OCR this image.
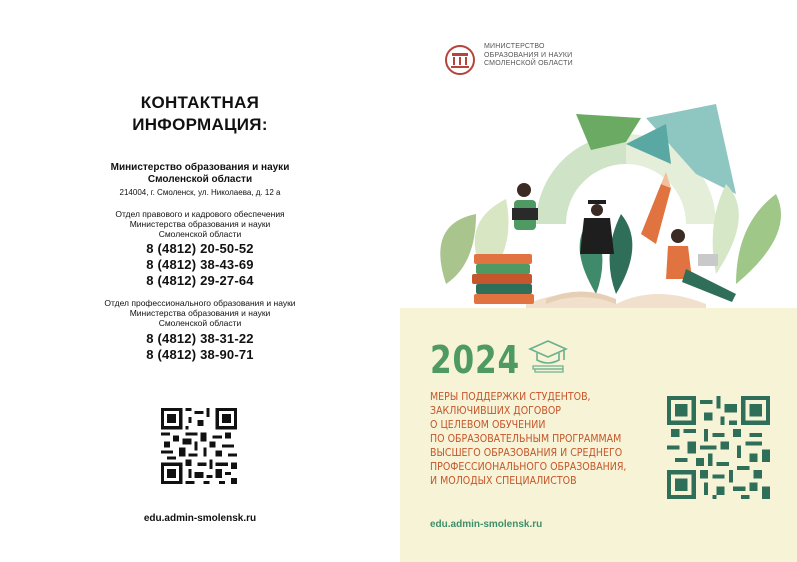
КОНТАКТНАЯ
ИНФОРМАЦИЯ:
Министерство образования и науки
Смоленской области
214004, г. Смоленск, ул. Николаева, д. 12 а
Отдел правового и кадрового обеспечения
Министерства образования и науки
Смоленской области
8 (4812) 20-50-52
8 (4812) 38-43-69
8 (4812) 29-27-64
Отдел профессионального образования и науки
Министерства образования и науки
Смоленской области
8 (4812) 38-31-22
8 (4812) 38-90-71
edu.admin-smolensk.ru
МИНИСТЕРСТВО
ОБРАЗОВАНИЯ И НАУКИ
СМОЛЕНСКОЙ ОБЛАСТИ
2024
МЕРЫ ПОДДЕРЖКИ СТУДЕНТОВ,
ЗАКЛЮЧИВШИХ ДОГОВОР
О ЦЕЛЕВОМ ОБУЧЕНИИ
ПО ОБРАЗОВАТЕЛЬНЫМ ПРОГРАММАМ
ВЫСШЕГО ОБРАЗОВАНИЯ И СРЕДНЕГО
ПРОФЕССИОНАЛЬНОГО ОБРАЗОВАНИЯ,
И МОЛОДЫХ СПЕЦИАЛИСТОВ
edu.admin-smolensk.ru
